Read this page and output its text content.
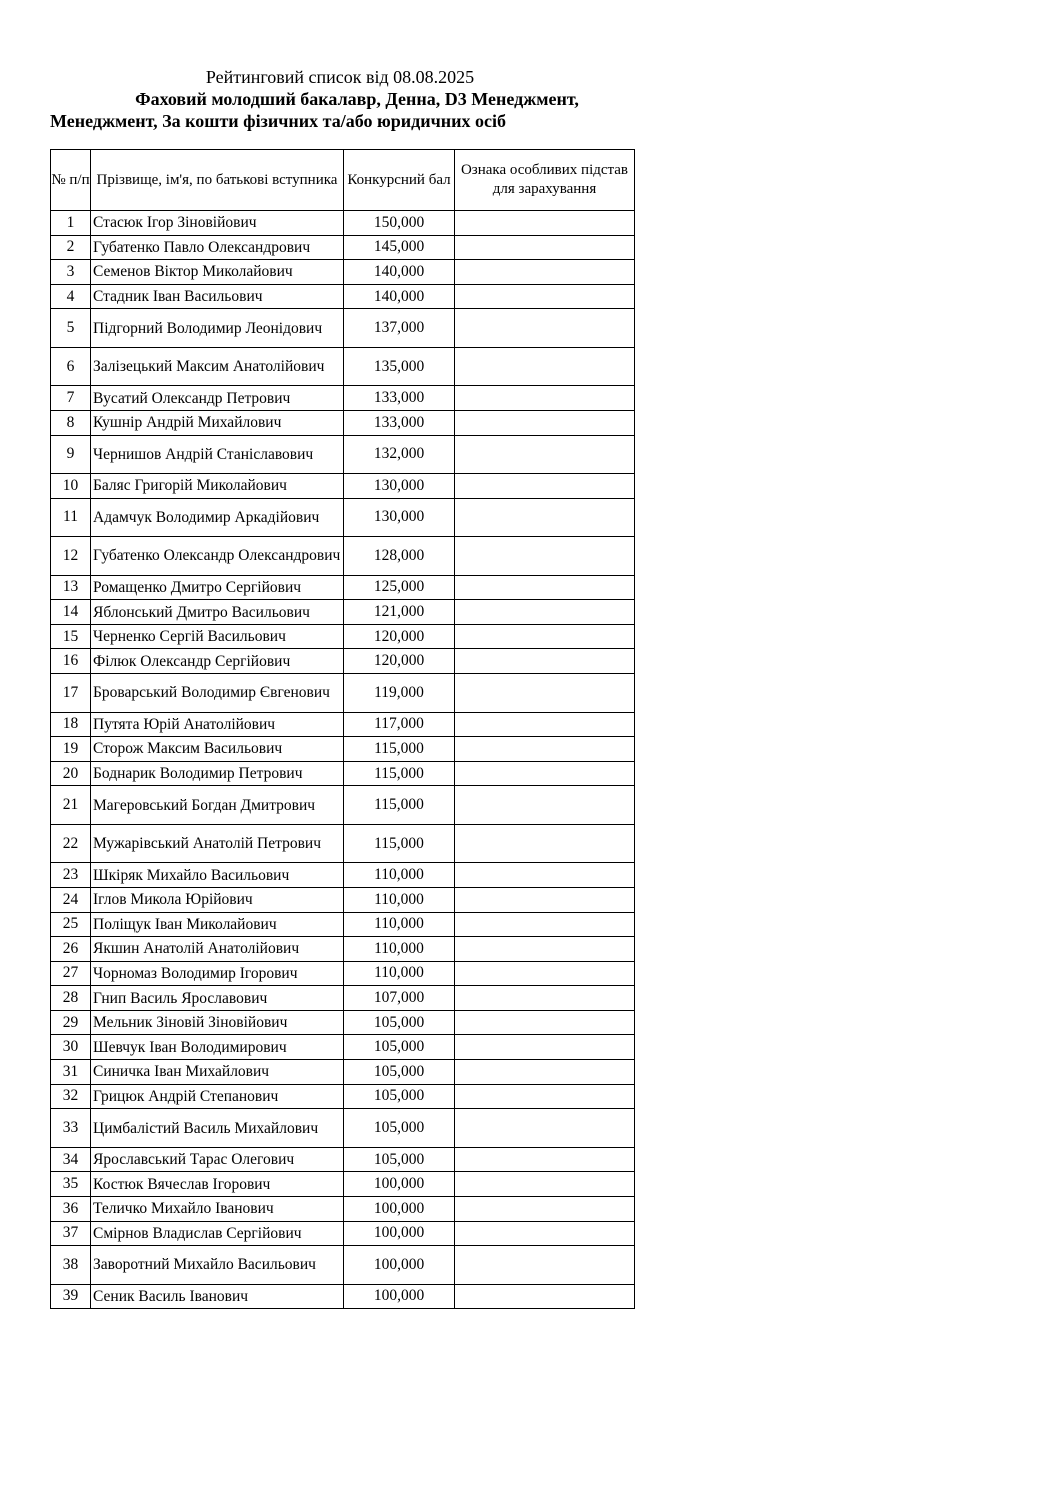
Рейтинговий список від 08.08.2025
Фаховий молодший бакалавр, Денна, D3 Менеджмент,
Менеджмент, За кошти фізичних та/або юридичних осіб
№ п/п	Прізвище, ім'я, по батькові вступника	Конкурсний бал	Ознака особливих підстав для зарахування
1	Стасюк Ігор Зіновійович	150,000	
2	Губатенко Павло Олександрович	145,000	
3	Семенов Віктор Миколайович	140,000	
4	Стадник Іван Васильович	140,000	
5	Підгорний Володимир Леонідович	137,000	
6	Залізецький Максим Анатолійович	135,000	
7	Вусатий Олександр Петрович	133,000	
8	Кушнір Андрій Михайлович	133,000	
9	Чернишов Андрій Станіславович	132,000	
10	Баляс Григорій Миколайович	130,000	
11	Адамчук Володимир Аркадійович	130,000	
12	Губатенко Олександр Олександрович	128,000	
13	Ромащенко Дмитро Сергійович	125,000	
14	Яблонський Дмитро Васильович	121,000	
15	Черненко Сергій Васильович	120,000	
16	Філюк Олександр Сергійович	120,000	
17	Броварський Володимир Євгенович	119,000	
18	Путята Юрій Анатолійович	117,000	
19	Сторож Максим Васильович	115,000	
20	Боднарик Володимир Петрович	115,000	
21	Магеровський Богдан Дмитрович	115,000	
22	Мужарівський Анатолій Петрович	115,000	
23	Шкіряк Михайло Васильович	110,000	
24	Іглов Микола Юрійович	110,000	
25	Поліщук Іван Миколайович	110,000	
26	Якшин Анатолій Анатолійович	110,000	
27	Чорномаз Володимир Ігорович	110,000	
28	Гнип Василь Ярославович	107,000	
29	Мельник Зіновій Зіновійович	105,000	
30	Шевчук Іван Володимирович	105,000	
31	Синичка Іван Михайлович	105,000	
32	Грицюк Андрій Степанович	105,000	
33	Цимбалістий Василь Михайлович	105,000	
34	Ярославський Тарас Олегович	105,000	
35	Костюк Вячеслав Ігорович	100,000	
36	Теличко Михайло Іванович	100,000	
37	Смірнов Владислав Сергійович	100,000	
38	Заворотний Михайло Васильович	100,000	
39	Сеник Василь Іванович	100,000	
